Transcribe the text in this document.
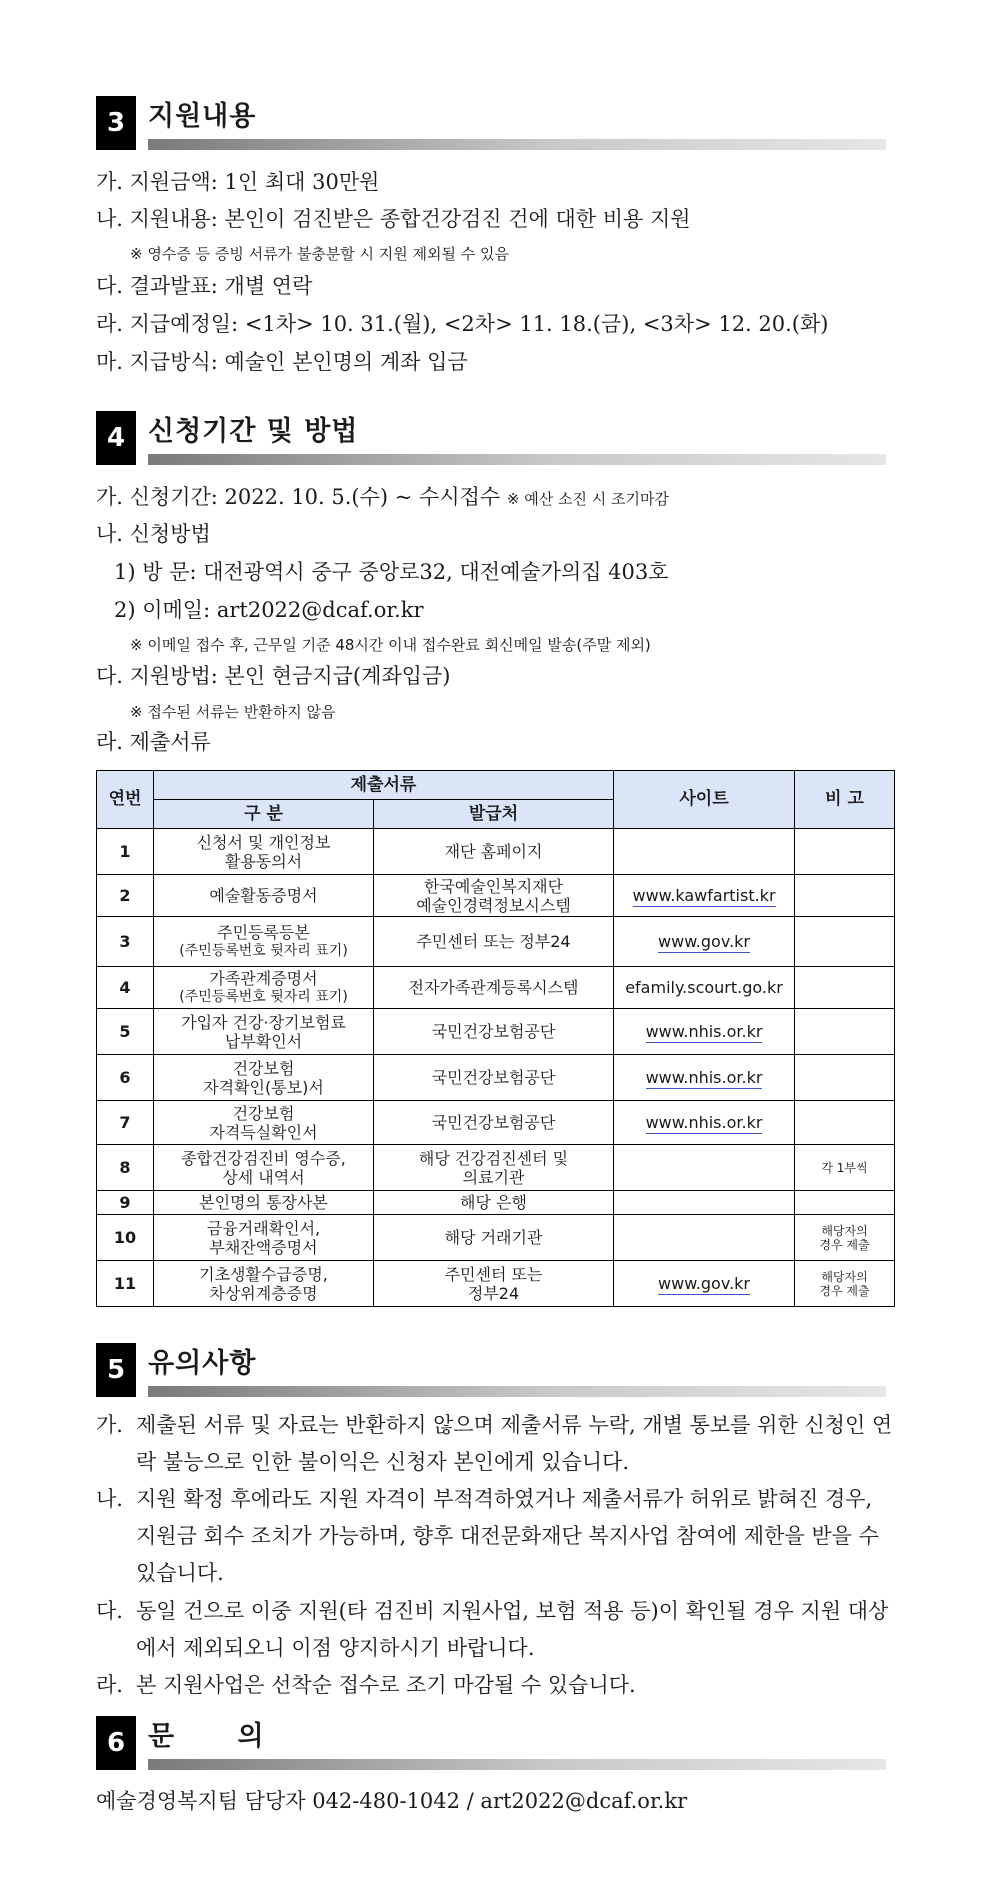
3 지원내용
가. 지원금액: 1인 최대 30만원
나. 지원내용: 본인이 검진받은 종합건강검진 건에 대한 비용 지원
※ 영수증 등 증빙 서류가 불충분할 시 지원 제외될 수 있음
다. 결과발표: 개별 연락
라. 지급예정일: <1차> 10. 31.(월), <2차> 11. 18.(금), <3차> 12. 20.(화)
마. 지급방식: 예술인 본인명의 계좌 입금
4 신청기간 및 방법
가. 신청기간: 2022. 10. 5.(수) ~ 수시접수 ※ 예산 소진 시 조기마감
나. 신청방법
1) 방 문: 대전광역시 중구 중앙로32, 대전예술가의집 403호
2) 이메일: art2022@dcaf.or.kr
※ 이메일 접수 후, 근무일 기준 48시간 이내 접수완료 회신메일 발송(주말 제외)
다. 지원방법: 본인 현금지급(계좌입금)
※ 접수된 서류는 반환하지 않음
라. 제출서류
연번	제출서류		사이트	비 고
	구 분	발급처		
1	신청서 및 개인정보
활용동의서	재단 홈페이지		

2	예술활동증명서	한국예술인복지재단
예술인경력정보시스템	www.kawfartist.kr	
3	주민등록등본
(주민등록번호 뒷자리 표기)	주민센터 또는 정부24	www.gov.kr	
4	가족관계증명서
(주민등록번호 뒷자리 표기)	전자가족관계등록시스템	efamily.scourt.go.kr	
5	가입자 건강·장기보험료
납부확인서	국민건강보험공단	www.nhis.or.kr	
6	건강보험
자격확인(통보)서	국민건강보험공단	www.nhis.or.kr	
7	건강보험
자격득실확인서	국민건강보험공단	www.nhis.or.kr	
8	종합건강검진비 영수증,
상세 내역서	해당 건강검진센터 및
의료기관		각 1부씩

9	본인명의 통장사본	해당 은행		

10	금융거래확인서,
부채잔액증명서	해당 거래기관		해당자의
경우 제출

11	기초생활수급증명,
차상위계층증명	주민센터 또는
정부24	www.gov.kr	해당자의
경우 제출
5 유의사항
가. 제출된 서류 및 자료는 반환하지 않으며 제출서류 누락, 개별 통보를 위한 신청인 연락 불능으로 인한 불이익은 신청자 본인에게 있습니다.
나. 지원 확정 후에라도 지원 자격이 부적격하였거나 제출서류가 허위로 밝혀진 경우, 지원금 회수 조치가 가능하며, 향후 대전문화재단 복지사업 참여에 제한을 받을 수 있습니다.
다. 동일 건으로 이중 지원(타 검진비 지원사업, 보험 적용 등)이 확인될 경우 지원 대상에서 제외되오니 이점 양지하시기 바랍니다.
라. 본 지원사업은 선착순 접수로 조기 마감될 수 있습니다.
6 문      의
예술경영복지팀 담당자 042-480-1042 / art2022@dcaf.or.kr
